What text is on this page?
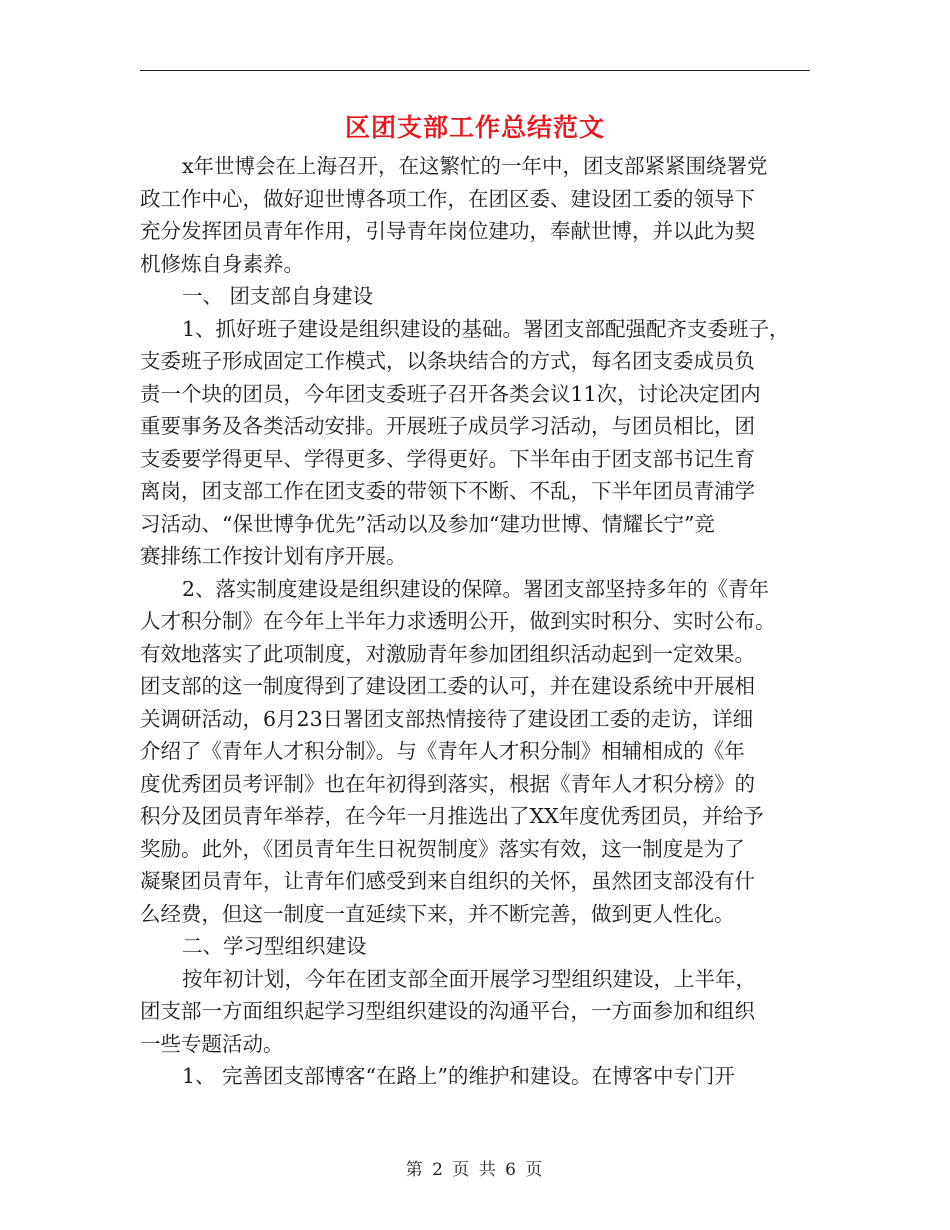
区团支部工作总结范文

x年世博会在上海召开，在这繁忙的一年中，团支部紧紧围绕署党

政工作中心，做好迎世博各项工作，在团区委、建设团工委的领导下

充分发挥团员青年作用，引导青年岗位建功，奉献世博，并以此为契

机修炼自身素养。

一、 团支部自身建设

1、抓好班子建设是组织建设的基础。署团支部配强配齐支委班子，

支委班子形成固定工作模式，以条块结合的方式，每名团支委成员负

责一个块的团员，今年团支委班子召开各类会议11次，讨论决定团内

重要事务及各类活动安排。开展班子成员学习活动，与团员相比，团

支委要学得更早、学得更多、学得更好。下半年由于团支部书记生育

离岗，团支部工作在团支委的带领下不断、不乱，下半年团员青浦学

习活动、“保世博争优先”活动以及参加“建功世博、情耀长宁”竞

赛排练工作按计划有序开展。

2、落实制度建设是组织建设的保障。署团支部坚持多年的《青年

人才积分制》在今年上半年力求透明公开，做到实时积分、实时公布。

有效地落实了此项制度，对激励青年参加团组织活动起到一定效果。

团支部的这一制度得到了建设团工委的认可，并在建设系统中开展相

关调研活动，6月23日署团支部热情接待了建设团工委的走访，详细

介绍了《青年人才积分制》。与《青年人才积分制》相辅相成的《年

度优秀团员考评制》也在年初得到落实，根据《青年人才积分榜》的

积分及团员青年举荐，在今年一月推选出了XX年度优秀团员，并给予

奖励。此外，《团员青年生日祝贺制度》落实有效，这一制度是为了

凝聚团员青年，让青年们感受到来自组织的关怀，虽然团支部没有什

么经费，但这一制度一直延续下来，并不断完善，做到更人性化。

二、学习型组织建设

按年初计划，今年在团支部全面开展学习型组织建设，上半年，

团支部一方面组织起学习型组织建设的沟通平台，一方面参加和组织

一些专题活动。

1、 完善团支部博客“在路上”的维护和建设。在博客中专门开

第 2 页 共 6 页
